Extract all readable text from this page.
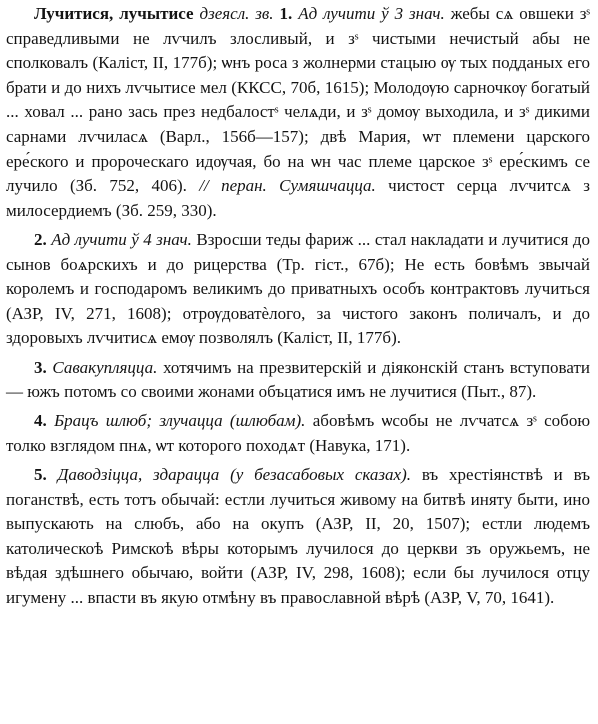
Лучитися, лучытисе дзеясл. зв. 1. Ад лучити ў 3 знач. жебы сѧ овшеки зˢ справедливыми не лѵчилъ злосливый, и зˢ чистыми нечистый абы не сполковалъ (Каліст, II, 177б); ѡнъ роса з жолнерми стацыю ѹ тых подданых его брати и до нихъ лѵчытисе мел (ККСС, 70б, 1615); Молодѹю сарночкѹ богатый ... ховал ... рано зась през недбалостˢ челѧди, и зˢ домѹ выходила, и зˢ дикими сарнами лѵчиласѧ (Варл., 156б—157); двѣ Мария, ѡт племени царского ере́ского и пророческаго идѹчая, бо на ѡн час племе царское зˢ ере́скимъ се лучило (Зб. 752, 406). // перан. Сумяшчацца. чистост серца лѵчитсѧ з милосердиемъ (Зб. 259, 330).

2. Ад лучити ў 4 знач. Взросши теды фариж ... стал накладати и лучитися до сынов боѧрскихъ и до рицерства (Тр. гіст., 67б); Не есть бовѣмъ звычай королемъ и господаромъ великимъ до приватныхъ особъ контрактовъ лучиться (АЗР, IV, 271, 1608); отрѹдоватѐлого, за чистого законъ поличалъ, и до здоровыхъ лѵчитисѧ емѹ позволялъ (Каліст, II, 177б).

3. Савакупляцца. хотячимъ на презвитерскій и діяконскій станъ вступовати — южъ потомъ со своими жонами объцатися имъ не лучитися (Пыт., 87).

4. Брацъ шлюб; злучацца (шлюбам). абовѣмъ ѡсобы не лѵчатсѧ зˢ собою толко взглядом пнѧ, ѡт которого походѧт (Навука, 171).

5. Даводзіцца, здарацца (у безасабовых сказах). въ хрестіянствѣ и въ поганствѣ, есть тотъ обычай: естли лучиться живому на битвѣ иняту быти, ино выпускають на слюбъ, або на окупъ (АЗР, II, 20, 1507); естли людемъ католическоѣ Римскоѣ вѣры которымъ лучилося до церкви зъ оружьемъ, не вѣдая здѣшнего обычаю, войти (АЗР, IV, 298, 1608); если бы лучилося отцу игумену ... впасти въ якую отмѣну въ православной вѣрѣ (АЗР, V, 70, 1641).
